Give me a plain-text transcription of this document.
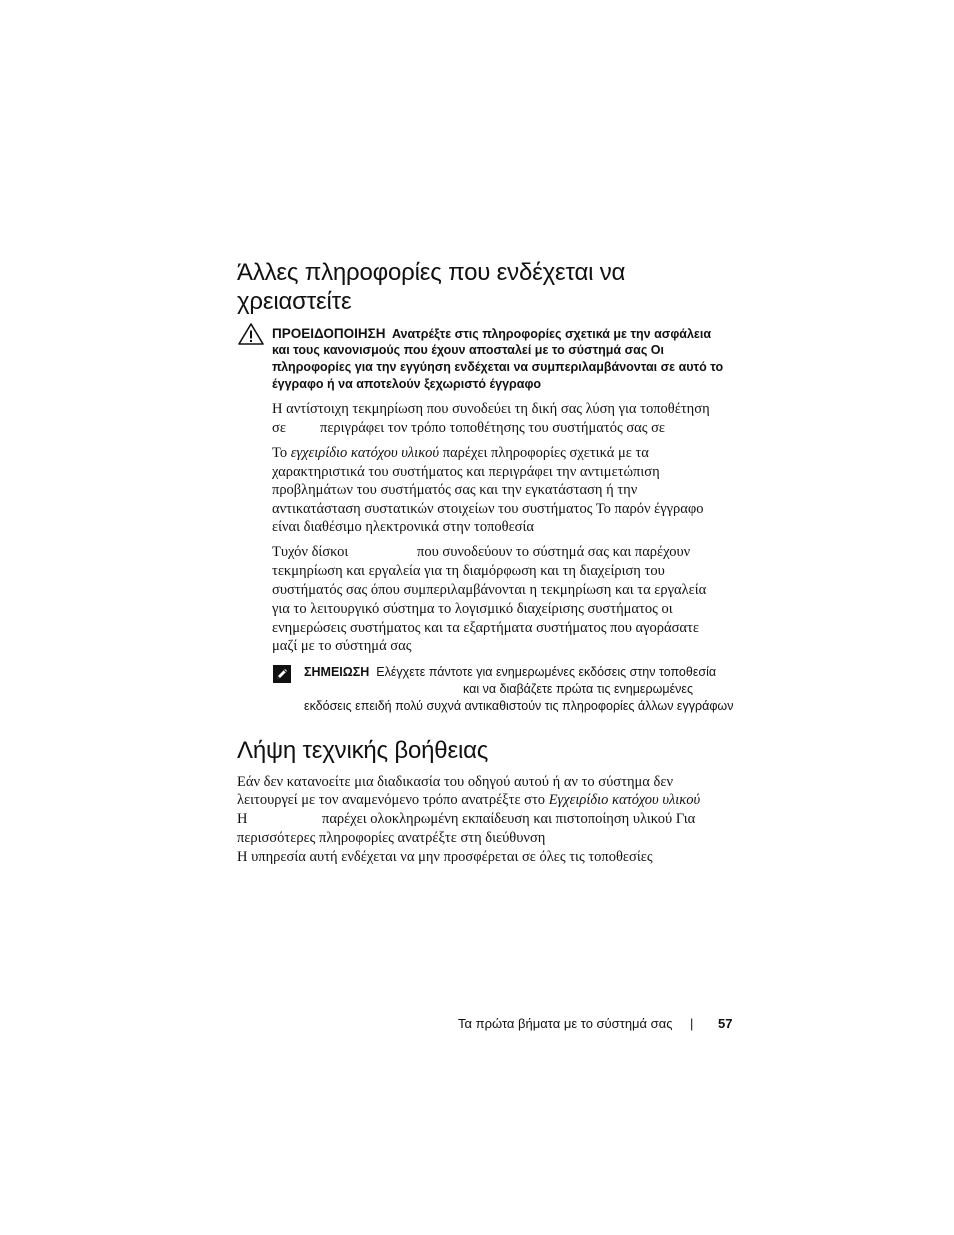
Άλλες πληροφορίες που ενδέχεται να
χρειαστείτε
ΠΡΟΕΙΔΟΠΟΙΗΣΗ Ανατρέξτε στις πληροφορίες σχετικά με την ασφάλεια
και τους κανονισμούς που έχουν αποσταλεί με το σύστημά σας Οι
πληροφορίες για την εγγύηση ενδέχεται να συμπεριλαμβάνονται σε αυτό το
έγγραφο ή να αποτελούν ξεχωριστό έγγραφο
Η αντίστοιχη τεκμηρίωση που συνοδεύει τη δική σας λύση για τοποθέτηση
σε περιγράφει τον τρόπο τοποθέτησης του συστήματός σας σε
Το εγχειρίδιο κατόχου υλικού παρέχει πληροφορίες σχετικά με τα
χαρακτηριστικά του συστήματος και περιγράφει την αντιμετώπιση
προβλημάτων του συστήματός σας και την εγκατάσταση ή την
αντικατάσταση συστατικών στοιχείων του συστήματος Το παρόν έγγραφο
είναι διαθέσιμο ηλεκτρονικά στην τοποθεσία
Τυχόν δίσκοι	που συνοδεύουν το σύστημά σας και παρέχουν
τεκμηρίωση και εργαλεία για τη διαμόρφωση και τη διαχείριση του
συστήματός σας όπου συμπεριλαμβάνονται η τεκμηρίωση και τα εργαλεία
για το λειτουργικό σύστημα το λογισμικό διαχείρισης συστήματος οι
ενημερώσεις συστήματος και τα εξαρτήματα συστήματος που αγοράσατε
μαζί με το σύστημά σας
ΣΗΜΕΙΩΣΗ Ελέγχετε πάντοτε για ενημερωμένες εκδόσεις στην τοποθεσία
και να διαβάζετε πρώτα τις ενημερωμένες
εκδόσεις επειδή πολύ συχνά αντικαθιστούν τις πληροφορίες άλλων εγγράφων
Λήψη τεχνικής βοήθειας
Εάν δεν κατανοείτε μια διαδικασία του οδηγού αυτού ή αν το σύστημα δεν
λειτουργεί με τον αναμενόμενο τρόπο ανατρέξτε στο Εγχειρίδιο κατόχου υλικού
Η	παρέχει ολοκληρωμένη εκπαίδευση και πιστοποίηση υλικού Για
περισσότερες πληροφορίες ανατρέξτε στη διεύθυνση
Η υπηρεσία αυτή ενδέχεται να μην προσφέρεται σε όλες τις τοποθεσίες
Τα πρώτα βήματα με το σύστημά σας | 57
